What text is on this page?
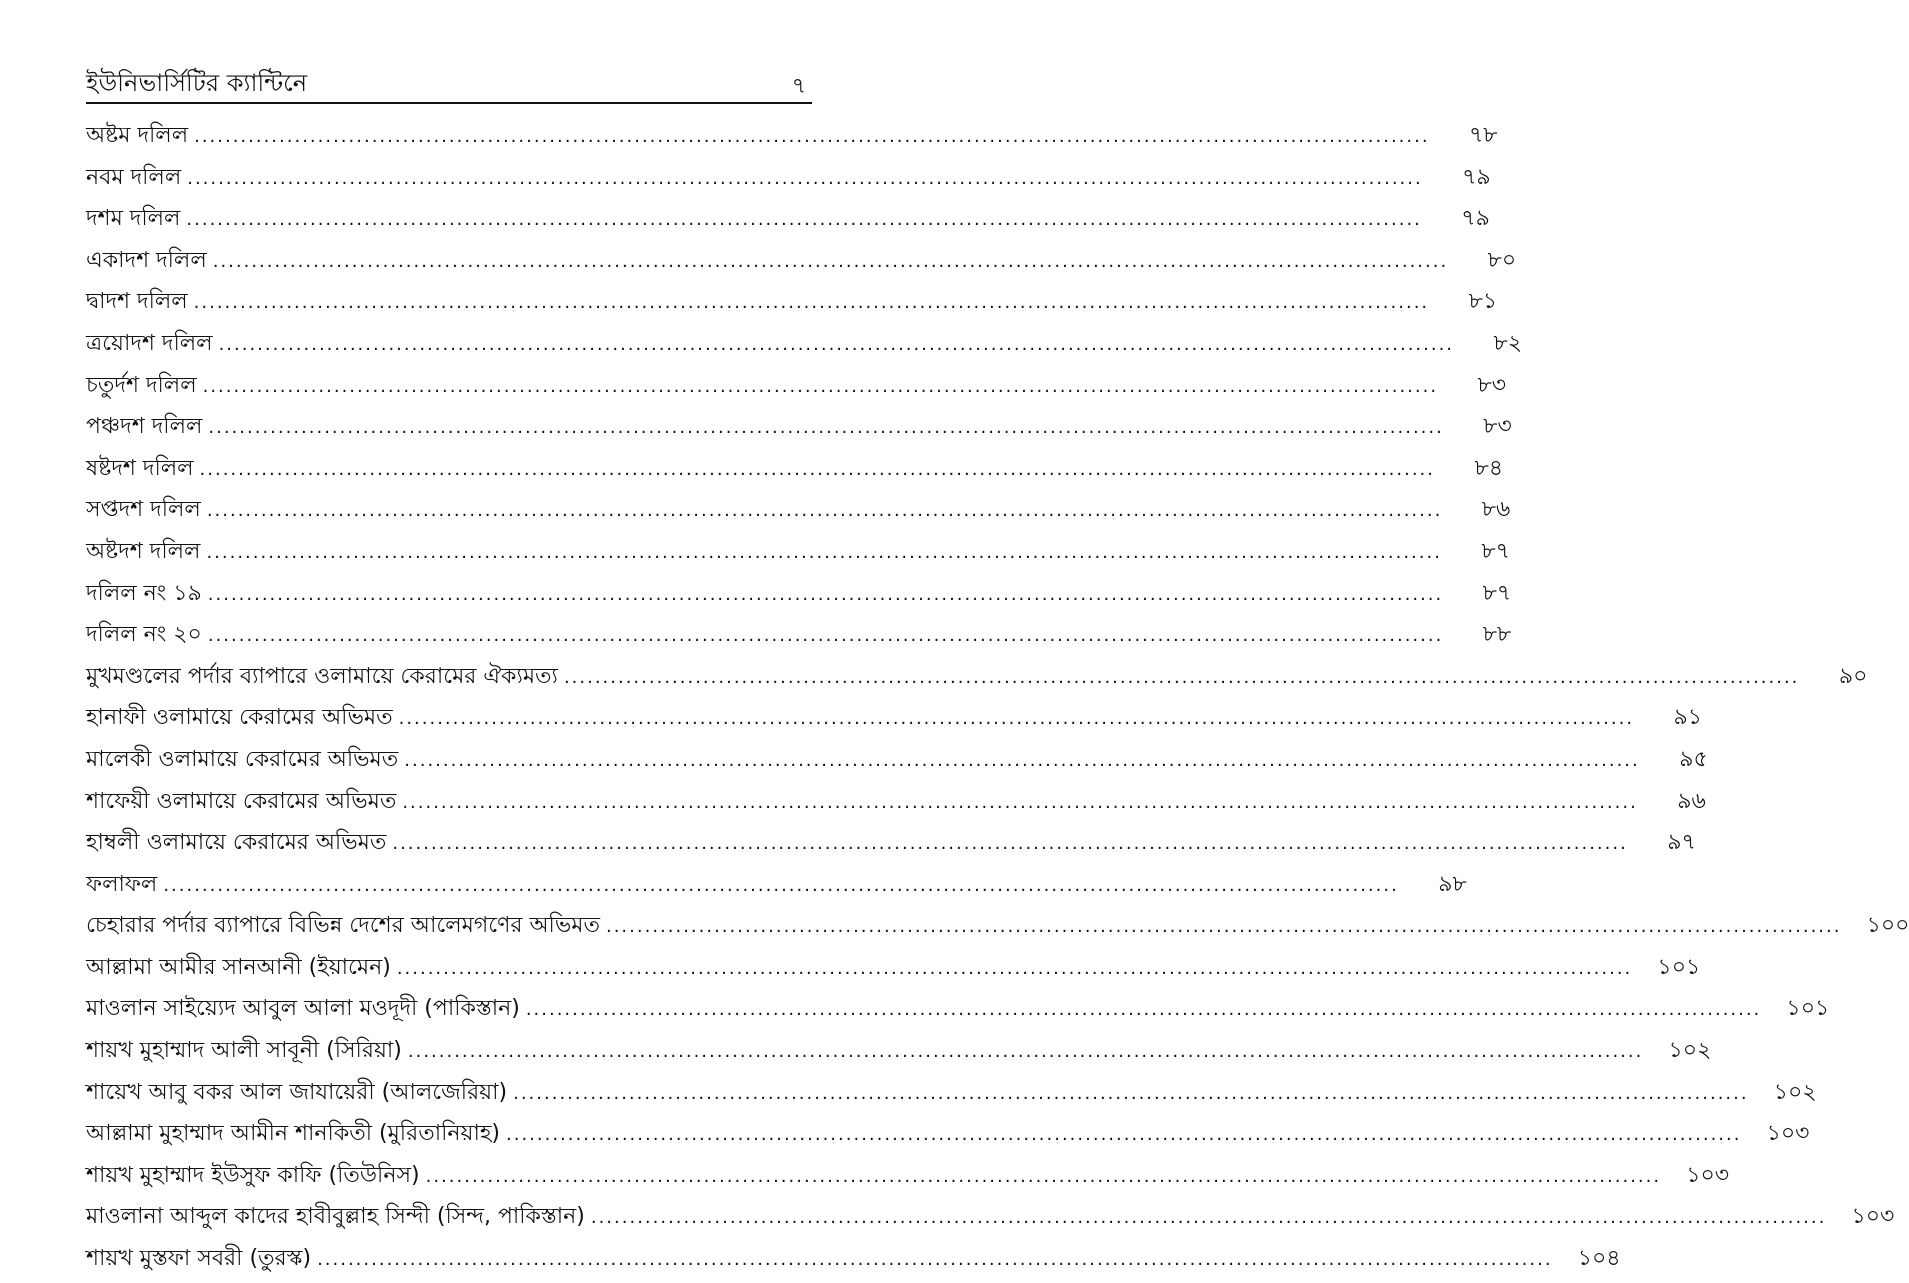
ইউনিভার্সিটির ক্যান্টিনে	৭
অষ্টম দলিল .....	৭৮
নবম দলিল .....	৭৯
দশম দলিল .....	৭৯
একাদশ দলিল .....	৮০
দ্বাদশ দলিল .....	৮১
ত্রয়োদশ দলিল .....	৮২
চতুর্দশ দলিল .....	৮৩
পঞ্চদশ দলিল .....	৮৩
ষষ্টদশ দলিল .....	৮৪
সপ্তদশ দলিল .....	৮৬
অষ্টদশ দলিল .....	৮৭
দলিল নং ১৯ .....	৮৭
দলিল নং ২০ .....	৮৮
মুখমণ্ডলের পর্দার ব্যাপারে ওলামায়ে কেরামের ঐক্যমত্য .....	৯০
হানাফী ওলামায়ে কেরামের অভিমত .....	৯১
মালেকী ওলামায়ে কেরামের অভিমত .....	৯৫
শাফেয়ী ওলামায়ে কেরামের অভিমত .....	৯৬
হাম্বলী ওলামায়ে কেরামের অভিমত .....	৯৭
ফলাফল .....	৯৮
চেহারার পর্দার ব্যাপারে বিভিন্ন দেশের আলেমগণের অভিমত .....	১০০
আল্লামা আমীর সানআনী (ইয়ামেন) .....	১০১
মাওলান সাইয়্যেদ আবুল আলা মওদূদী (পাকিস্তান) .....	১০১
শায়খ মুহাম্মাদ আলী সাবূনী (সিরিয়া) .....	১০২
শায়েখ আবু বকর আল জাযায়েরী (আলজেরিয়া) .....	১০২
আল্লামা মুহাম্মাদ আমীন শানকিতী (মুরিতানিয়াহ) .....	১০৩
শায়খ মুহাম্মাদ ইউসুফ কাফি (তিউনিস) .....	১০৩
মাওলানা আব্দুল কাদের হাবীবুল্লাহ সিন্দী (সিন্দ, পাকিস্তান) .....	১০৩
শায়খ মুস্তফা সবরী (তুরস্ক) .....	১০৪
